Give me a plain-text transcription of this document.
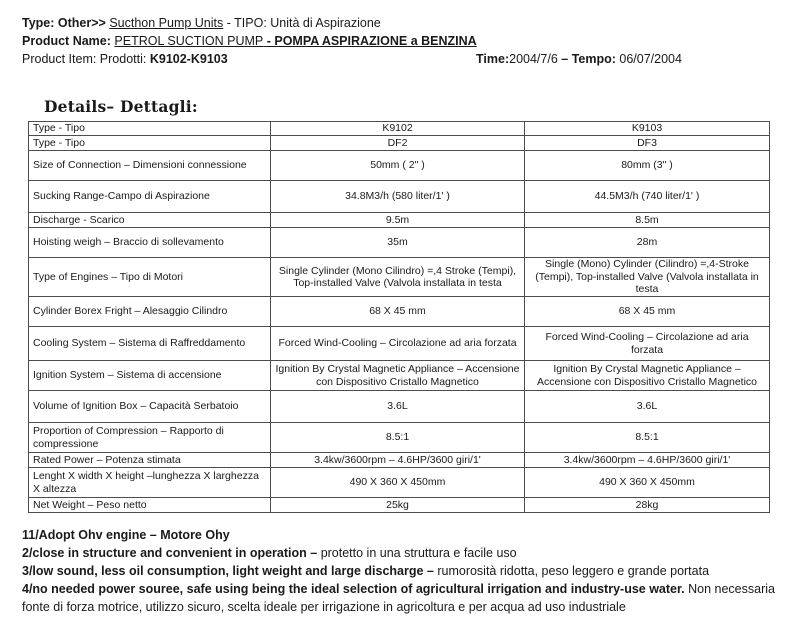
Type: Other>> Sucthon Pump Units - TIPO: Unità di Aspirazione
Product Name: PETROL SUCTION PUMP - POMPA ASPIRAZIONE a BENZINA
Product Item: Prodotti: K9102-K9103	Time:2004/7/6 – Tempo: 06/07/2004
Details– Dettagli:
Type - Tipo	K9102	K9103
Type - Tipo	DF2	DF3
Size of Connection – Dimensioni connessione	50mm ( 2" )	80mm (3" )
Sucking Range-Campo di Aspirazione	34.8M3/h (580 liter/1' )	44.5M3/h (740 liter/1' )
Discharge - Scarico	9.5m	8.5m
Hoisting weigh – Braccio di sollevamento	35m	28m
Type of Engines – Tipo di Motori	Single Cylinder (Mono Cilindro) =,4 Stroke (Tempi), Top-installed Valve (Valvola installata in testa	Single (Mono) Cylinder (Cilindro) =,4-Stroke (Tempi), Top-installed Valve (Valvola installata in testa
Cylinder Borex Fright – Alesaggio Cilindro	68 X 45 mm	68 X 45 mm
Cooling System – Sistema di Raffreddamento	Forced Wind-Cooling – Circolazione ad aria forzata	Forced Wind-Cooling – Circolazione ad aria forzata
Ignition System – Sistema di accensione	Ignition By Crystal Magnetic Appliance – Accensione con Dispositivo Cristallo Magnetico	Ignition By Crystal Magnetic Appliance – Accensione con Dispositivo Cristallo Magnetico
Volume of Ignition Box – Capacità Serbatoio	3.6L	3.6L
Proportion of Compression – Rapporto di compressione	8.5:1	8.5:1
Rated Power – Potenza stimata	3.4kw/3600rpm – 4.6HP/3600 giri/1'	3.4kw/3600rpm – 4.6HP/3600 giri/1'
Lenght X width X height –lunghezza X larghezza X altezza	490 X 360 X 450mm	490 X 360 X 450mm
Net Weight – Peso netto	25kg	28kg
11/Adopt Ohv engine – Motore Ohy
2/close in structure and convenient in operation – protetto in una struttura e facile uso
3/low sound, less oil consumption, light weight and large discharge – rumorosità ridotta, peso leggero e grande portata
4/no needed power souree, safe using being the ideal selection of agricultural irrigation and industry-use water. Non necessaria
fonte di forza motrice, utilizzo sicuro, scelta ideale per irrigazione in agricoltura e per acqua ad uso industriale
